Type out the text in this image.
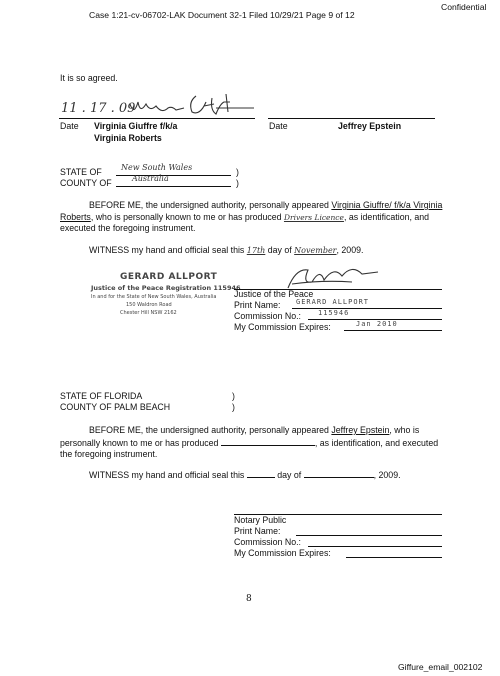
Case 1:21-cv-06702-LAK Document 32-1 Filed 10/29/21 Page 9 of 12
Confidential
It is so agreed.
11 . 17 . 09
Date Virginia Giuffre f/k/a
Virginia Roberts
Date	Jeffrey Epstein
STATE OF New South Wales	)
COUNTY OF	Australia	)
BEFORE ME, the undersigned authority, personally appeared Virginia Giuffre/ f/k/a Virginia Roberts, who is personally known to me or has produced Drivers Licence, as identification, and executed the foregoing instrument.
WITNESS my hand and official seal this 17th day of November, 2009.
GERARD ALLPORT
Justice of the Peace Registration 115946
In and for the State of New South Wales, Australia
150 Waldron Road
Chester Hill NSW 2162
Justice of the Peace
Print Name: GERARD ALLPORT
Commission No.: 115946
My Commission Expires:	Jan 2010
STATE OF FLORIDA	)
COUNTY OF PALM BEACH	)
BEFORE ME, the undersigned authority, personally appeared Jeffrey Epstein, who is personally known to me or has produced	, as identification, and executed the foregoing instrument.
WITNESS my hand and official seal this	day of	, 2009.
Notary Public
Print Name:
Commission No.:
My Commission Expires:
8
Giffure_email_002102
